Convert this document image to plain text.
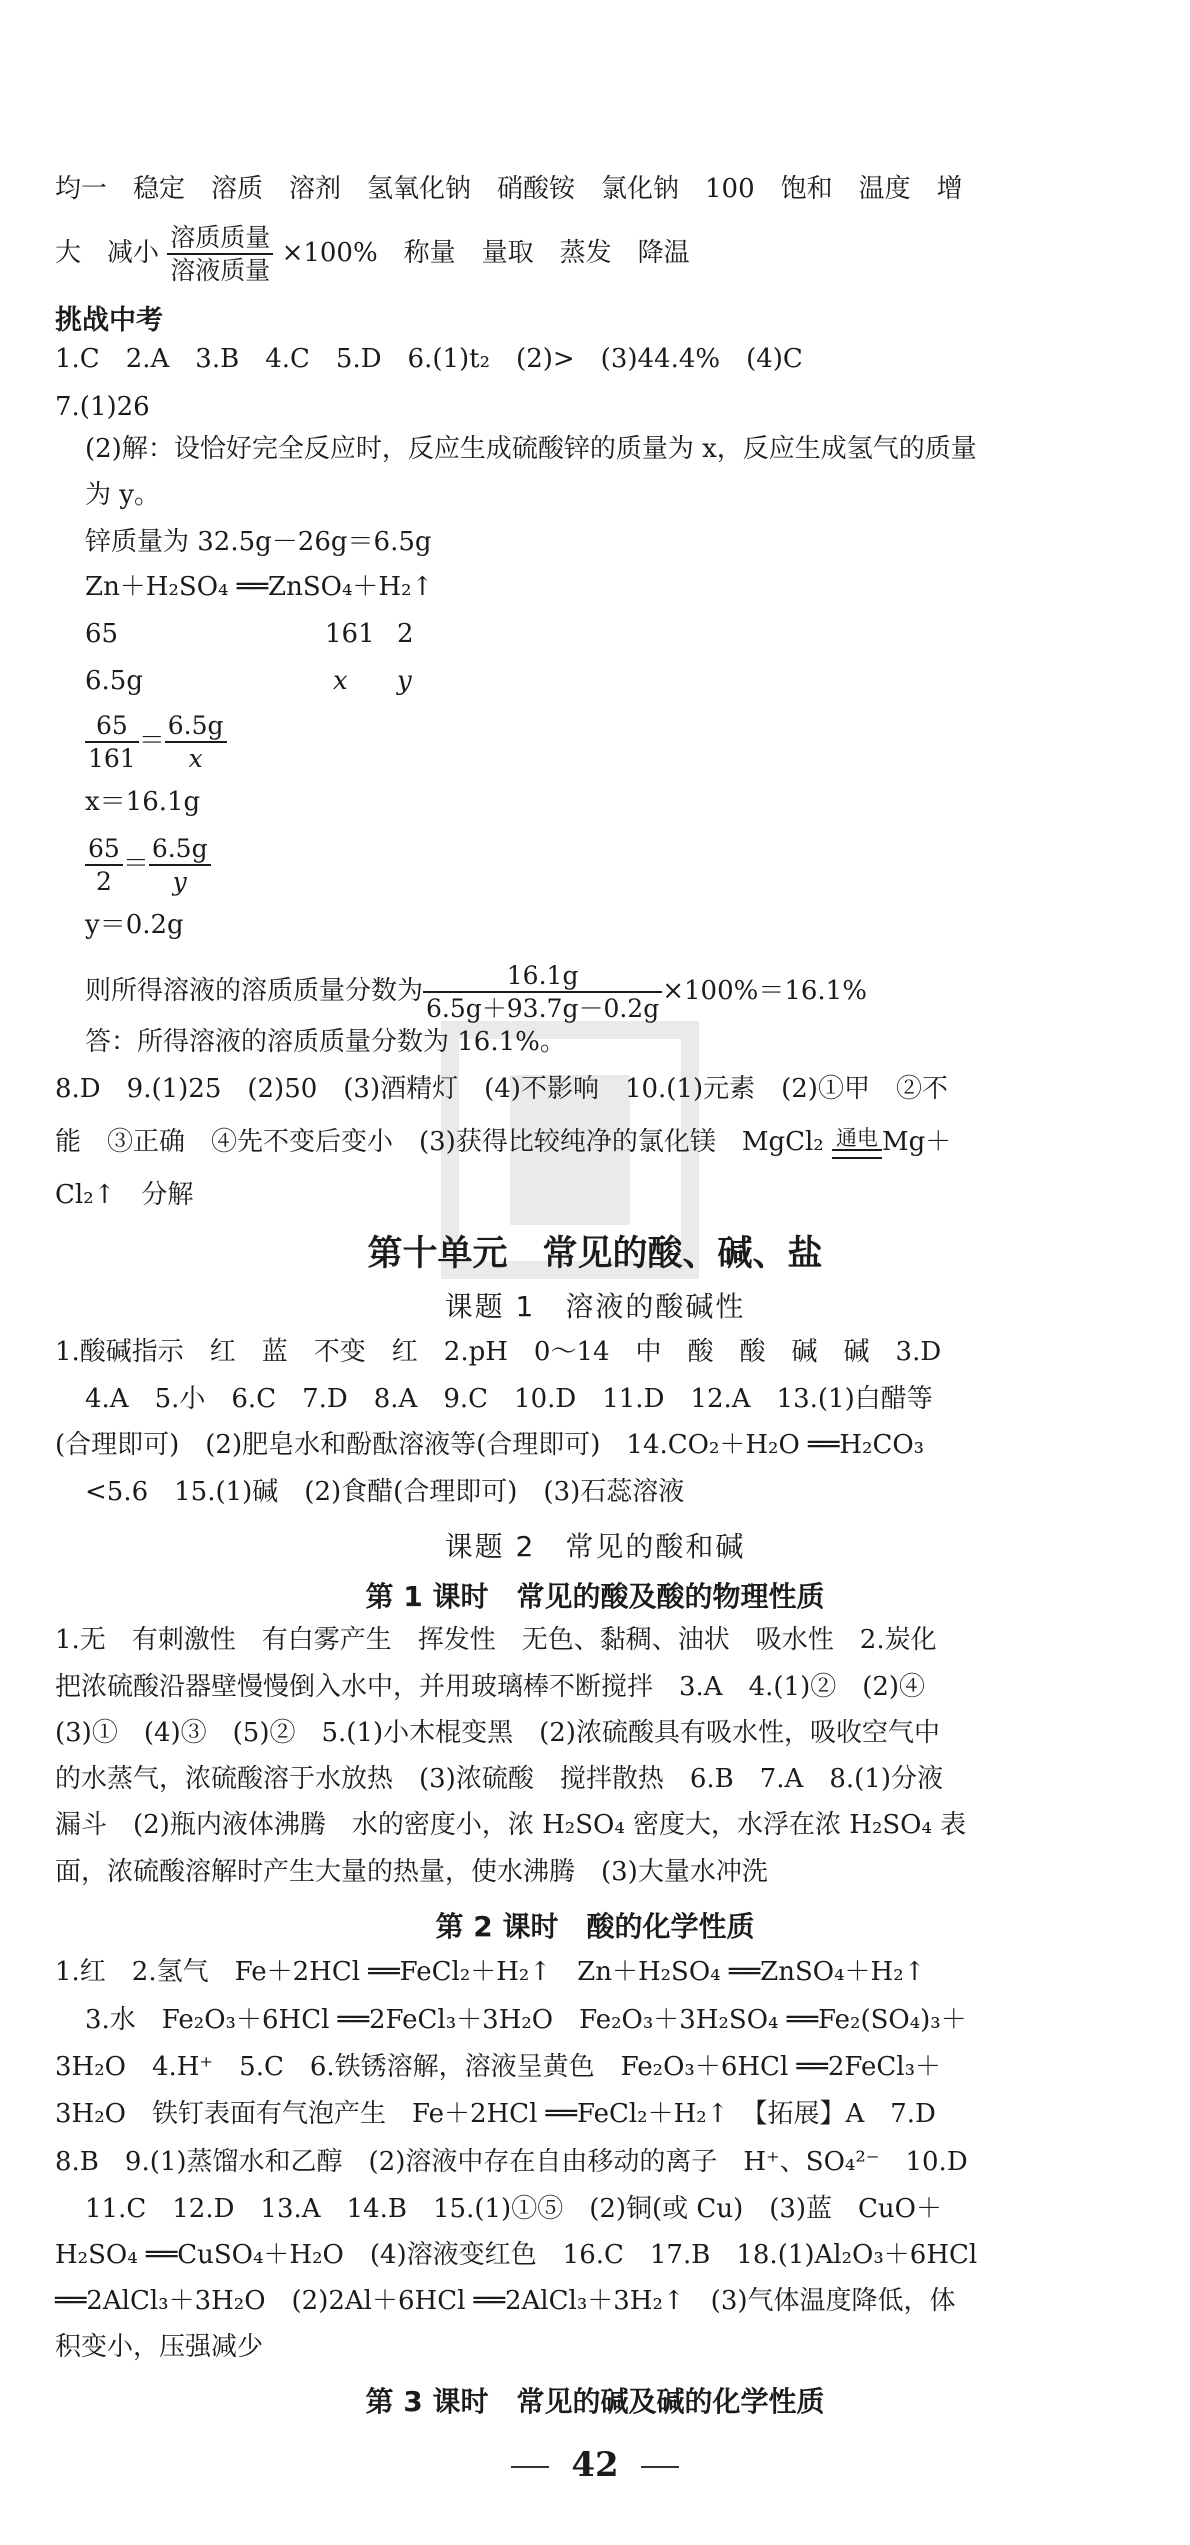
均一　稳定　溶质　溶剂　氢氧化钠　硝酸铵　氯化钠　100　饱和　温度　增
大　减小 $\frac{\text{溶质质量}}{\text{溶液质量}} \times 100\%$　称量　量取　蒸发　降温
挑战中考
1.C　2.A　3.B　4.C　5.D　6.(1)t₂　(2)>　(3)44.4%　(4)C
7.(1)26
(2)解：设恰好完全反应时，反应生成硫酸锌的质量为 x，反应生成氢气的质量
为 y。
锌质量为 32.5g－26g＝6.5g
Zn＋H₂SO₄ ══ZnSO₄＋H₂↑
65	161 2
6.5g	x	y
$\frac{65}{161} = \frac{6.5g}{x}$
x＝16.1g
$\frac{65}{2} = \frac{6.5g}{y}$
y＝0.2g
则所得溶液的溶质质量分数为 $\frac{16.1g}{6.5g+93.7g-0.2g} \times 100\%=16.1\%$
答：所得溶液的溶质质量分数为 16.1%。
8.D　9.(1)25　(2)50　(3)酒精灯　(4)不影响　10.(1)元素　(2)①甲　②不
能　③正确　④先不变后变小　(3)获得比较纯净的氯化镁　MgCl₂ 通电 Mg＋
Cl₂↑　分解
第十单元　常见的酸、碱、盐
课题 1　溶液的酸碱性
1.酸碱指示　红　蓝　不变　红　2.pH　0～14　中　酸　酸　碱　碱　3.D
4.A　5.小　6.C　7.D　8.A　9.C　10.D　11.D　12.A　13.(1)白醋等
(合理即可)　(2)肥皂水和酚酞溶液等(合理即可)　14.CO₂＋H₂O ══H₂CO₃
<5.6　15.(1)碱　(2)食醋(合理即可)　(3)石蕊溶液
课题 2　常见的酸和碱
第 1 课时　常见的酸及酸的物理性质
1.无　有刺激性　有白雾产生　挥发性　无色、黏稠、油状　吸水性　2.炭化
把浓硫酸沿器壁慢慢倒入水中，并用玻璃棒不断搅拌　3.A　4.(1)②　(2)④
(3)①　(4)③　(5)②　5.(1)小木棍变黑　(2)浓硫酸具有吸水性，吸收空气中
的水蒸气，浓硫酸溶于水放热　(3)浓硫酸　搅拌散热　6.B　7.A　8.(1)分液
漏斗　(2)瓶内液体沸腾　水的密度小，浓 H₂SO₄ 密度大，水浮在浓 H₂SO₄ 表
面，浓硫酸溶解时产生大量的热量，使水沸腾　(3)大量水冲洗
第 2 课时　酸的化学性质
1.红　2.氢气　Fe＋2HCl ══FeCl₂＋H₂↑　Zn＋H₂SO₄ ══ZnSO₄＋H₂↑
3.水　Fe₂O₃＋6HCl ══2FeCl₃＋3H₂O　Fe₂O₃＋3H₂SO₄ ══Fe₂(SO₄)₃＋
3H₂O　4.H⁺　5.C　6.铁锈溶解，溶液呈黄色　Fe₂O₃＋6HCl ══2FeCl₃＋
3H₂O　铁钉表面有气泡产生　Fe＋2HCl ══FeCl₂＋H₂↑　【拓展】A　7.D
8.B　9.(1)蒸馏水和乙醇　(2)溶液中存在自由移动的离子　H⁺、SO₄²⁻　10.D
11.C　12.D　13.A　14.B　15.(1)①⑤　(2)铜(或 Cu)　(3)蓝　CuO＋
H₂SO₄ ══CuSO₄＋H₂O　(4)溶液变红色　16.C　17.B　18.(1)Al₂O₃＋6HCl
══2AlCl₃＋3H₂O　(2)2Al＋6HCl ══2AlCl₃＋3H₂↑　(3)气体温度降低，体
积变小，压强减少
第 3 课时　常见的碱及碱的化学性质
42
